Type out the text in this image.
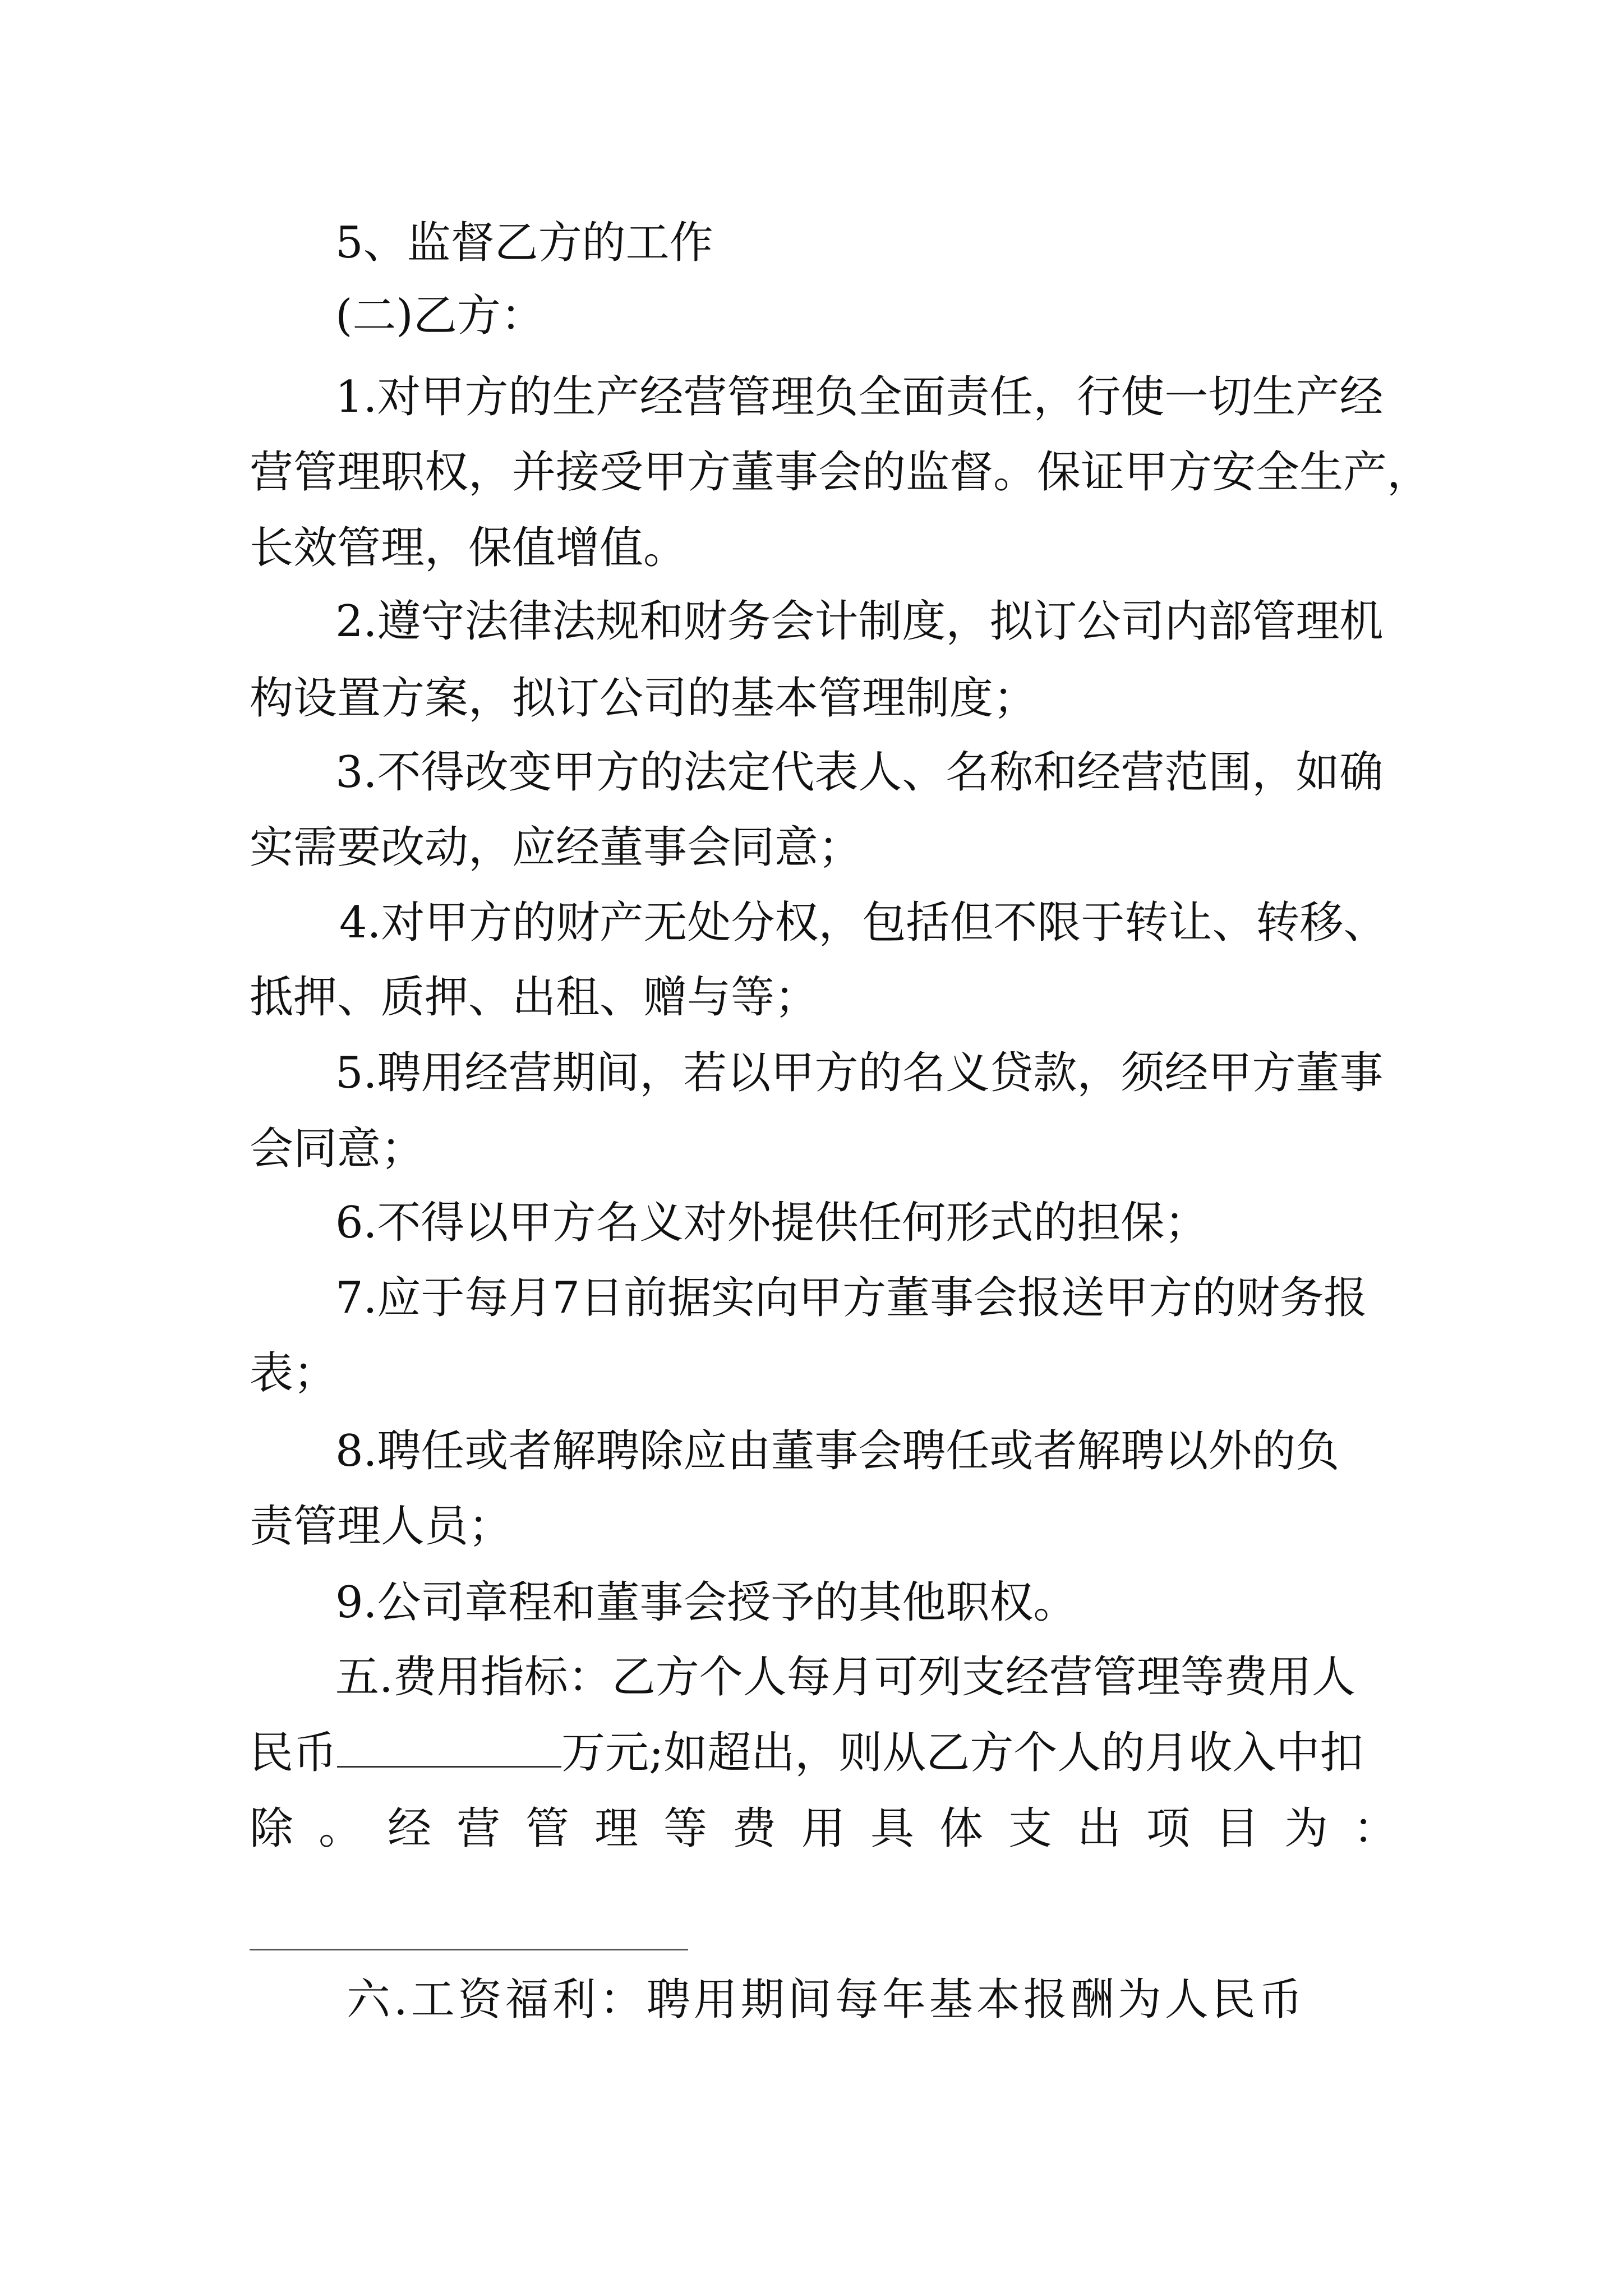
5、监督乙方的工作
(二)乙方：
1.对甲方的生产经营管理负全面责任，行使一切生产经
营管理职权，并接受甲方董事会的监督。保证甲方安全生产，
长效管理，保值增值。
2.遵守法律法规和财务会计制度，拟订公司内部管理机
构设置方案，拟订公司的基本管理制度；
3.不得改变甲方的法定代表人、名称和经营范围，如确
实需要改动，应经董事会同意；
4.对甲方的财产无处分权，包括但不限于转让、转移、
抵押、质押、出租、赠与等；
5.聘用经营期间，若以甲方的名义贷款，须经甲方董事
会同意；
6.不得以甲方名义对外提供任何形式的担保；
7.应于每月7日前据实向甲方董事会报送甲方的财务报
表；
8.聘任或者解聘除应由董事会聘任或者解聘以外的负
责管理人员；
9.公司章程和董事会授予的其他职权。
五.费用指标：乙方个人每月可列支经营管理等费用人
民币	万元;如超出，则从乙方个人的月收入中扣
除。经营管理等费用具体支出项目为：
六.工资福利：聘用期间每年基本报酬为人民币
